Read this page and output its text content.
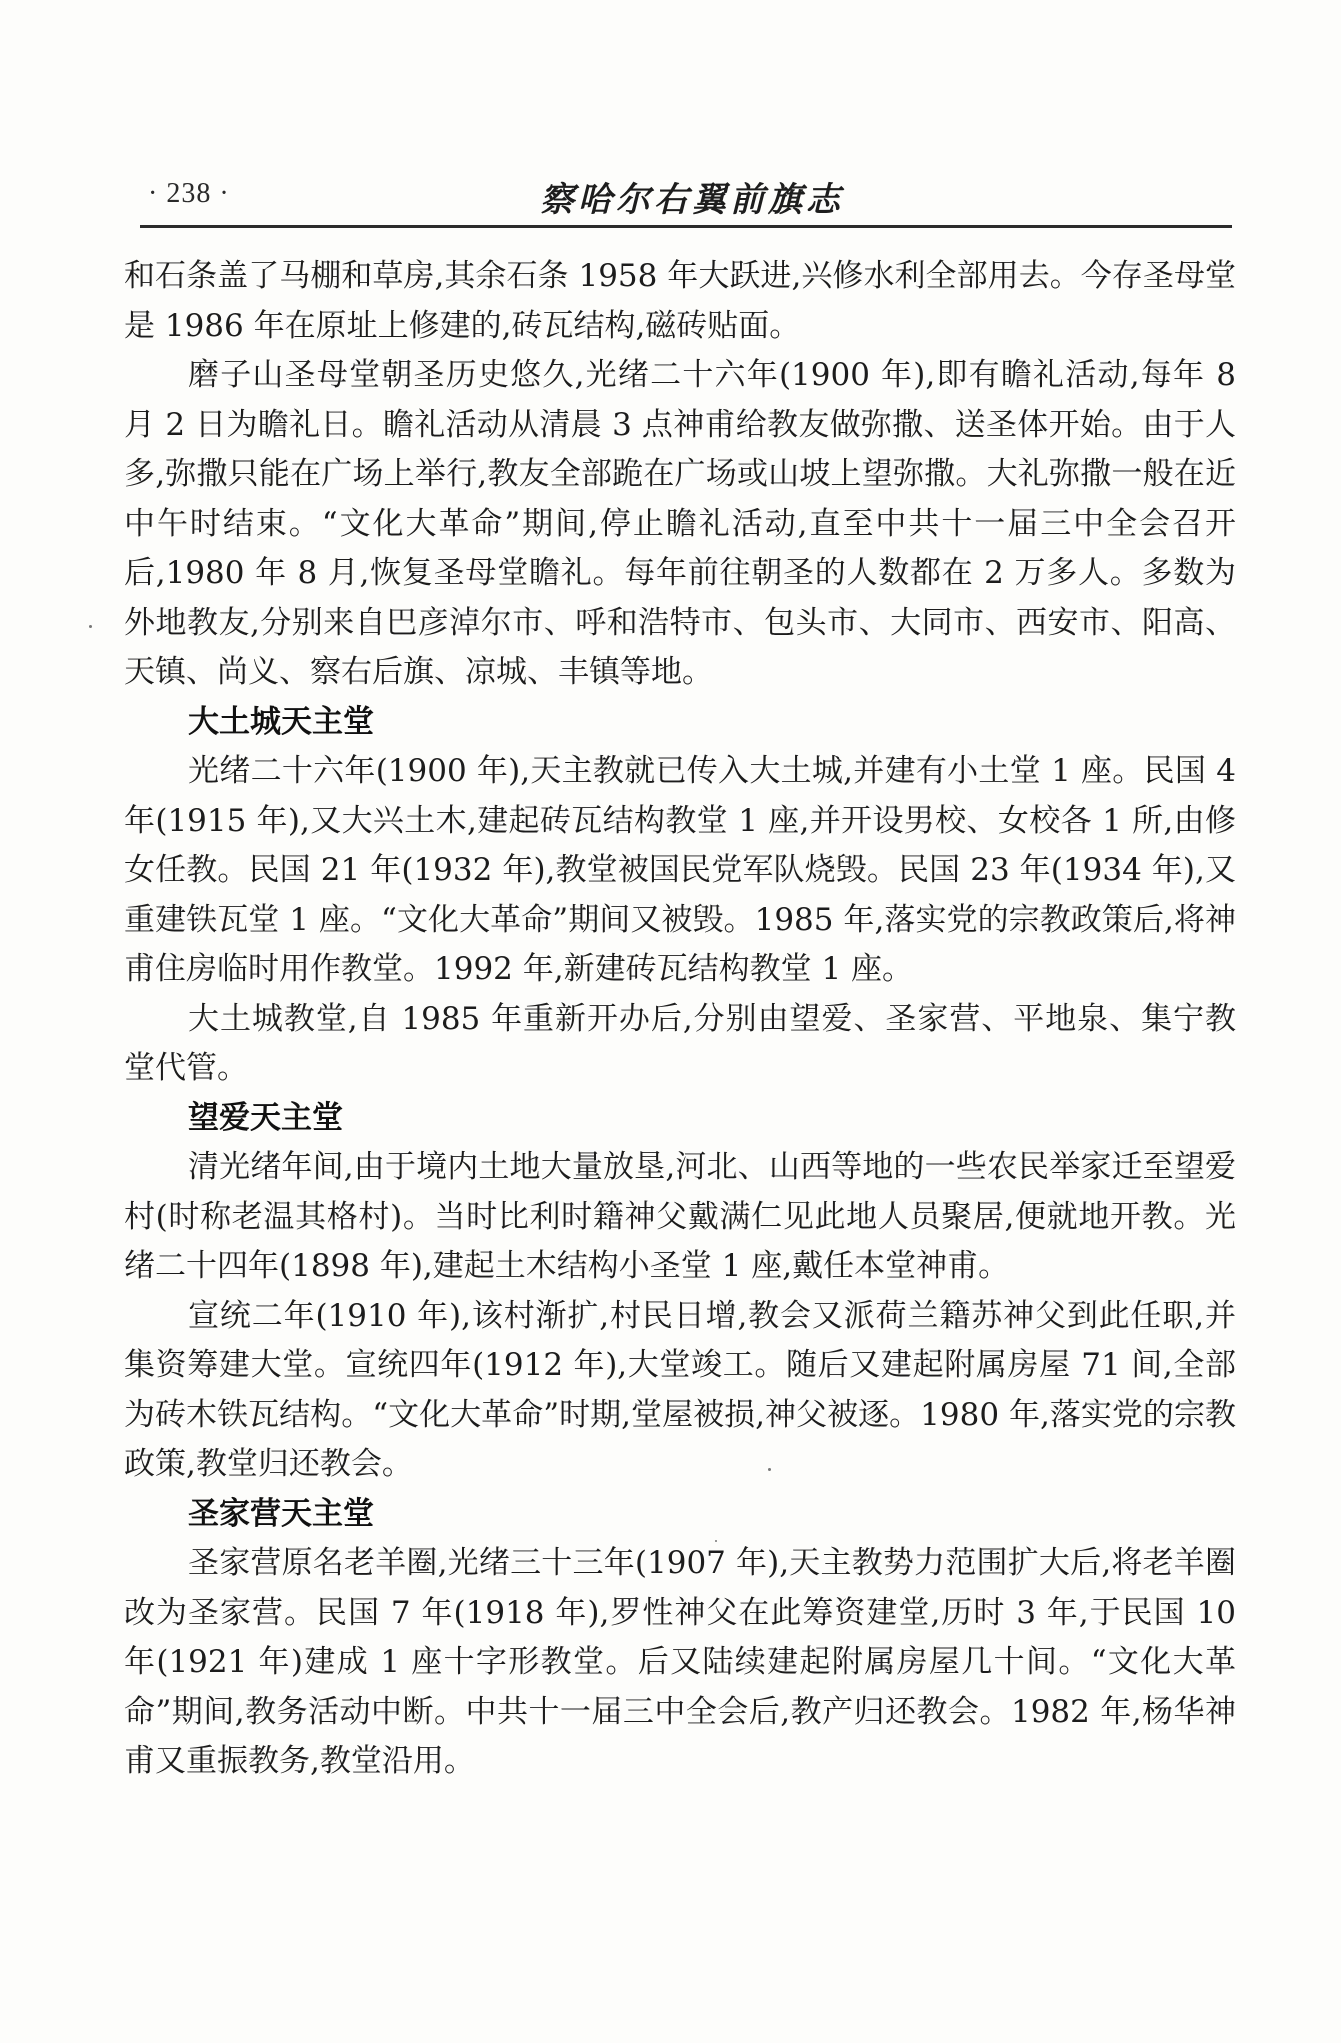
· 238 ·	察哈尔右翼前旗志

和石条盖了马棚和草房,其余石条 1958 年大跃进,兴修水利全部用去。今存圣母堂是 1986 年在原址上修建的,砖瓦结构,磁砖贴面。

磨子山圣母堂朝圣历史悠久,光绪二十六年(1900 年),即有瞻礼活动,每年 8 月 2 日为瞻礼日。瞻礼活动从清晨 3 点神甫给教友做弥撒、送圣体开始。由于人多,弥撒只能在广场上举行,教友全部跪在广场或山坡上望弥撒。大礼弥撒一般在近中午时结束。“文化大革命”期间,停止瞻礼活动,直至中共十一届三中全会召开后,1980 年 8 月,恢复圣母堂瞻礼。每年前往朝圣的人数都在 2 万多人。多数为外地教友,分别来自巴彦淖尔市、呼和浩特市、包头市、大同市、西安市、阳高、天镇、尚义、察右后旗、凉城、丰镇等地。

大土城天主堂

光绪二十六年(1900 年),天主教就已传入大土城,并建有小土堂 1 座。民国 4 年(1915 年),又大兴土木,建起砖瓦结构教堂 1 座,并开设男校、女校各 1 所,由修女任教。民国 21 年(1932 年),教堂被国民党军队烧毁。民国 23 年(1934 年),又重建铁瓦堂 1 座。“文化大革命”期间又被毁。1985 年,落实党的宗教政策后,将神甫住房临时用作教堂。1992 年,新建砖瓦结构教堂 1 座。

大土城教堂,自 1985 年重新开办后,分别由望爱、圣家营、平地泉、集宁教堂代管。

望爱天主堂

清光绪年间,由于境内土地大量放垦,河北、山西等地的一些农民举家迁至望爱村(时称老温其格村)。当时比利时籍神父戴满仁见此地人员聚居,便就地开教。光绪二十四年(1898 年),建起土木结构小圣堂 1 座,戴任本堂神甫。

宣统二年(1910 年),该村渐扩,村民日增,教会又派荷兰籍苏神父到此任职,并集资筹建大堂。宣统四年(1912 年),大堂竣工。随后又建起附属房屋 71 间,全部为砖木铁瓦结构。“文化大革命”时期,堂屋被损,神父被逐。1980 年,落实党的宗教政策,教堂归还教会。

圣家营天主堂

圣家营原名老羊圈,光绪三十三年(1907 年),天主教势力范围扩大后,将老羊圈改为圣家营。民国 7 年(1918 年),罗性神父在此筹资建堂,历时 3 年,于民国 10 年(1921 年)建成 1 座十字形教堂。后又陆续建起附属房屋几十间。“文化大革命”期间,教务活动中断。中共十一届三中全会后,教产归还教会。1982 年,杨华神甫又重振教务,教堂沿用。
